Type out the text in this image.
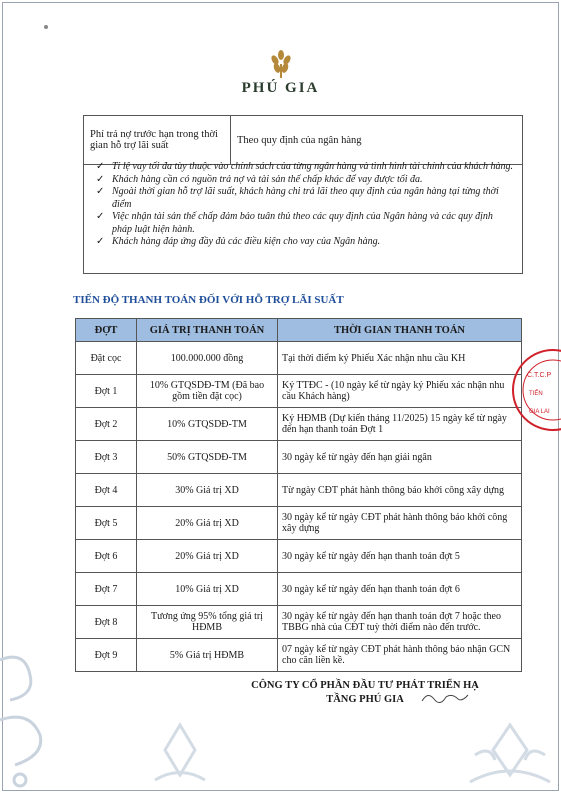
PHÚ GIA
Phí trả nợ trước hạn trong thời gian hỗ trợ lãi suất	Theo quy định của ngân hàng
✓ Tỉ lệ vay tối đa tùy thuộc vào chính sách của từng ngân hàng và tình hình tài chính của khách hàng.
✓ Khách hàng cần có nguồn trả nợ và tài sản thế chấp khác để vay được tối đa.
✓ Ngoài thời gian hỗ trợ lãi suất, khách hàng chi trả lãi theo quy định của ngân hàng tại từng thời điểm
✓ Việc nhận tài sản thế chấp đảm bảo tuân thủ theo các quy định của Ngân hàng và các quy định pháp luật hiện hành.
✓ Khách hàng đáp ứng đầy đủ các điều kiện cho vay của Ngân hàng.
TIẾN ĐỘ THANH TOÁN ĐỐI VỚI HỖ TRỢ LÃI SUẤT
ĐỢT	GIÁ TRỊ THANH TOÁN	THỜI GIAN THANH TOÁN
Đặt cọc	100.000.000 đồng	Tại thời điểm ký Phiếu Xác nhận nhu cầu KH
Đợt 1	10% GTQSDĐ-TM (Đã bao gồm tiền đặt cọc)	Ký TTĐC - (10 ngày kể từ ngày ký Phiếu xác nhận nhu cầu Khách hàng)
Đợt 2	10% GTQSDĐ-TM	Ký HĐMB (Dự kiến tháng 11/2025) 15 ngày kể từ ngày đến hạn thanh toán Đợt 1
Đợt 3	50% GTQSDĐ-TM	30 ngày kể từ ngày đến hạn giải ngân
Đợt 4	30% Giá trị XD	Từ ngày CĐT phát hành thông báo khởi công xây dựng
Đợt 5	20% Giá trị XD	30 ngày kể từ ngày CĐT phát hành thông báo khởi công xây dựng
Đợt 6	20% Giá trị XD	30 ngày kể từ ngày đến hạn thanh toán đợt 5
Đợt 7	10% Giá trị XD	30 ngày kể từ ngày đến hạn thanh toán đợt 6
Đợt 8	Tương ứng 95% tổng giá trị HĐMB	30 ngày kể từ ngày đến hạn thanh toán đợt 7 hoặc theo TBBG nhà của CĐT tuỳ thời điểm nào đến trước.
Đợt 9	5% Giá trị HĐMB	07 ngày kể từ ngày CĐT phát hành thông báo nhận GCN cho căn liền kề.
C.T.C.P
TIỂN
GIA LAI
CÔNG TY CỔ PHẦN ĐẦU TƯ PHÁT TRIỂN HẠ
TẦNG PHÚ GIA
